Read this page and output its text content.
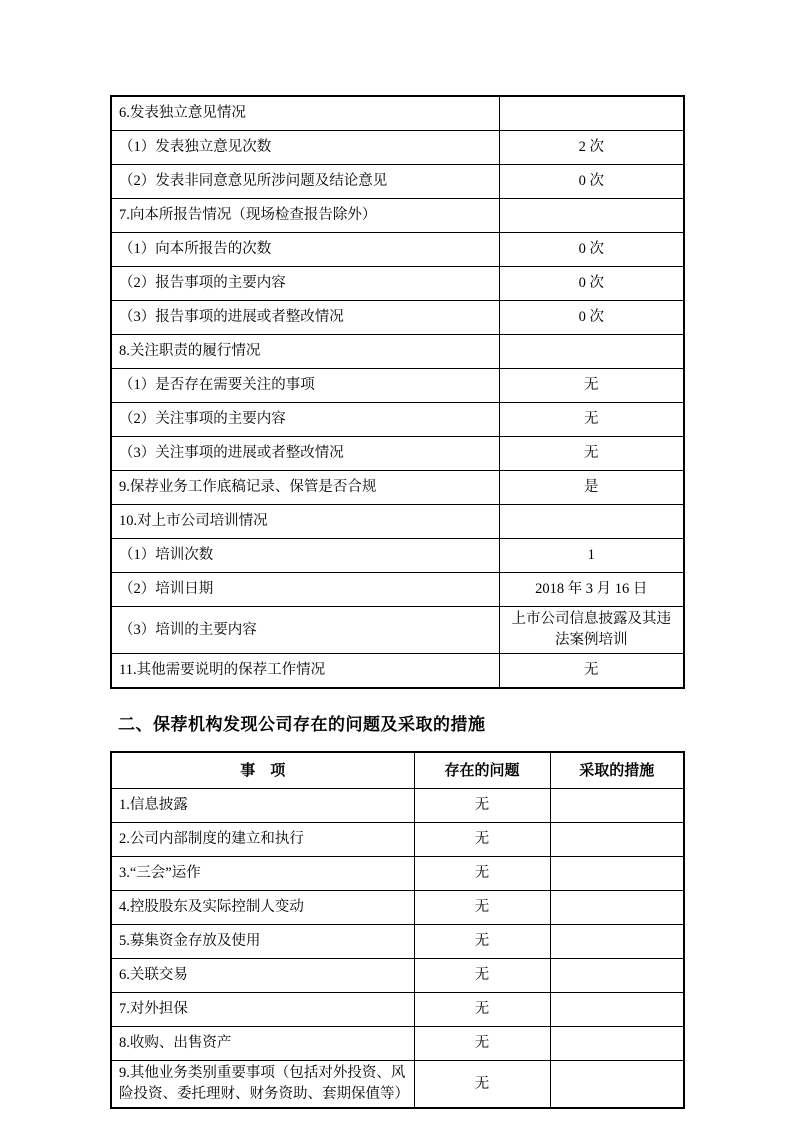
6.发表独立意见情况	
（1）发表独立意见次数	2 次
（2）发表非同意意见所涉问题及结论意见	0 次
7.向本所报告情况（现场检查报告除外）	
（1）向本所报告的次数	0 次
（2）报告事项的主要内容	0 次
（3）报告事项的进展或者整改情况	0 次
8.关注职责的履行情况	
（1）是否存在需要关注的事项	无
（2）关注事项的主要内容	无
（3）关注事项的进展或者整改情况	无
9.保荐业务工作底稿记录、保管是否合规	是
10.对上市公司培训情况	
（1）培训次数	1
（2）培训日期	2018 年 3 月 16 日
（3）培训的主要内容	上市公司信息披露及其违法案例培训
11.其他需要说明的保荐工作情况	无
二、保荐机构发现公司存在的问题及采取的措施
事　项	存在的问题	采取的措施
1.信息披露	无	
2.公司内部制度的建立和执行	无	
3.“三会”运作	无	
4.控股股东及实际控制人变动	无	
5.募集资金存放及使用	无	
6.关联交易	无	
7.对外担保	无	
8.收购、出售资产	无	
9.其他业务类别重要事项（包括对外投资、风险投资、委托理财、财务资助、套期保值等）	无	
